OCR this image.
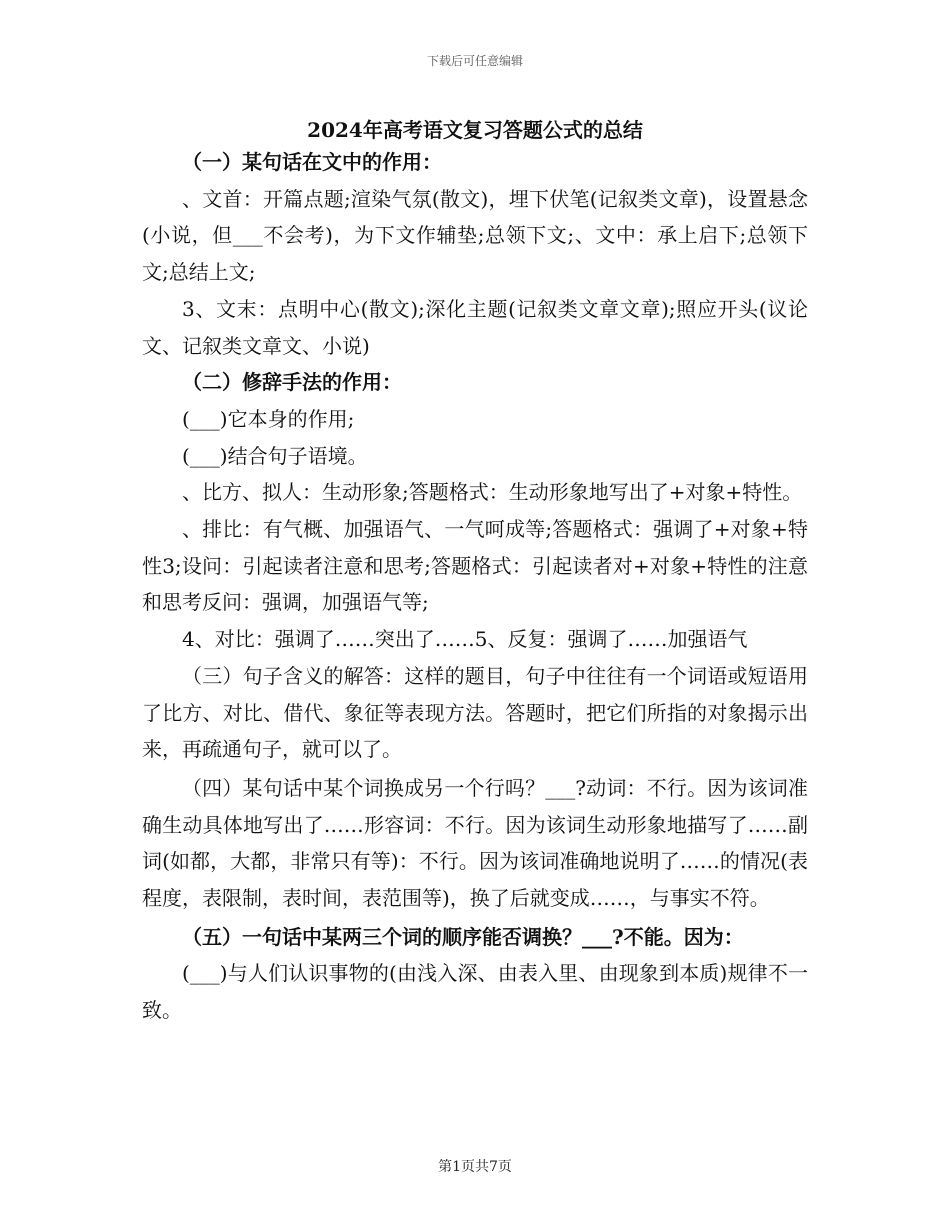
下载后可任意编辑
2024年高考语文复习答题公式的总结

（一）某句话在文中的作用：

、文首：开篇点题;渲染气氛(散文)，埋下伏笔(记叙类文章)，设置悬念(小说，但___不会考)，为下文作辅垫;总领下文;、文中：承上启下;总领下文;总结上文;

3、文末：点明中心(散文);深化主题(记叙类文章文章);照应开头(议论文、记叙类文章文、小说)

（二）修辞手法的作用：

(___)它本身的作用;

(___)结合句子语境。

、比方、拟人：生动形象;答题格式：生动形象地写出了+对象+特性。

、排比：有气概、加强语气、一气呵成等;答题格式：强调了+对象+特性3;设问：引起读者注意和思考;答题格式：引起读者对+对象+特性的注意和思考反问：强调，加强语气等;

4、对比：强调了……突出了……5、反复：强调了……加强语气

（三）句子含义的解答：这样的题目，句子中往往有一个词语或短语用了比方、对比、借代、象征等表现方法。答题时，把它们所指的对象揭示出来，再疏通句子，就可以了。

（四）某句话中某个词换成另一个行吗？___?动词：不行。因为该词准确生动具体地写出了……形容词：不行。因为该词生动形象地描写了……副词(如都，大都，非常只有等)：不行。因为该词准确地说明了……的情况(表程度，表限制，表时间，表范围等)，换了后就变成……，与事实不符。

（五）一句话中某两三个词的顺序能否调换？___?不能。因为：

(___)与人们认识事物的(由浅入深、由表入里、由现象到本质)规律不一致。

第1页共7页
